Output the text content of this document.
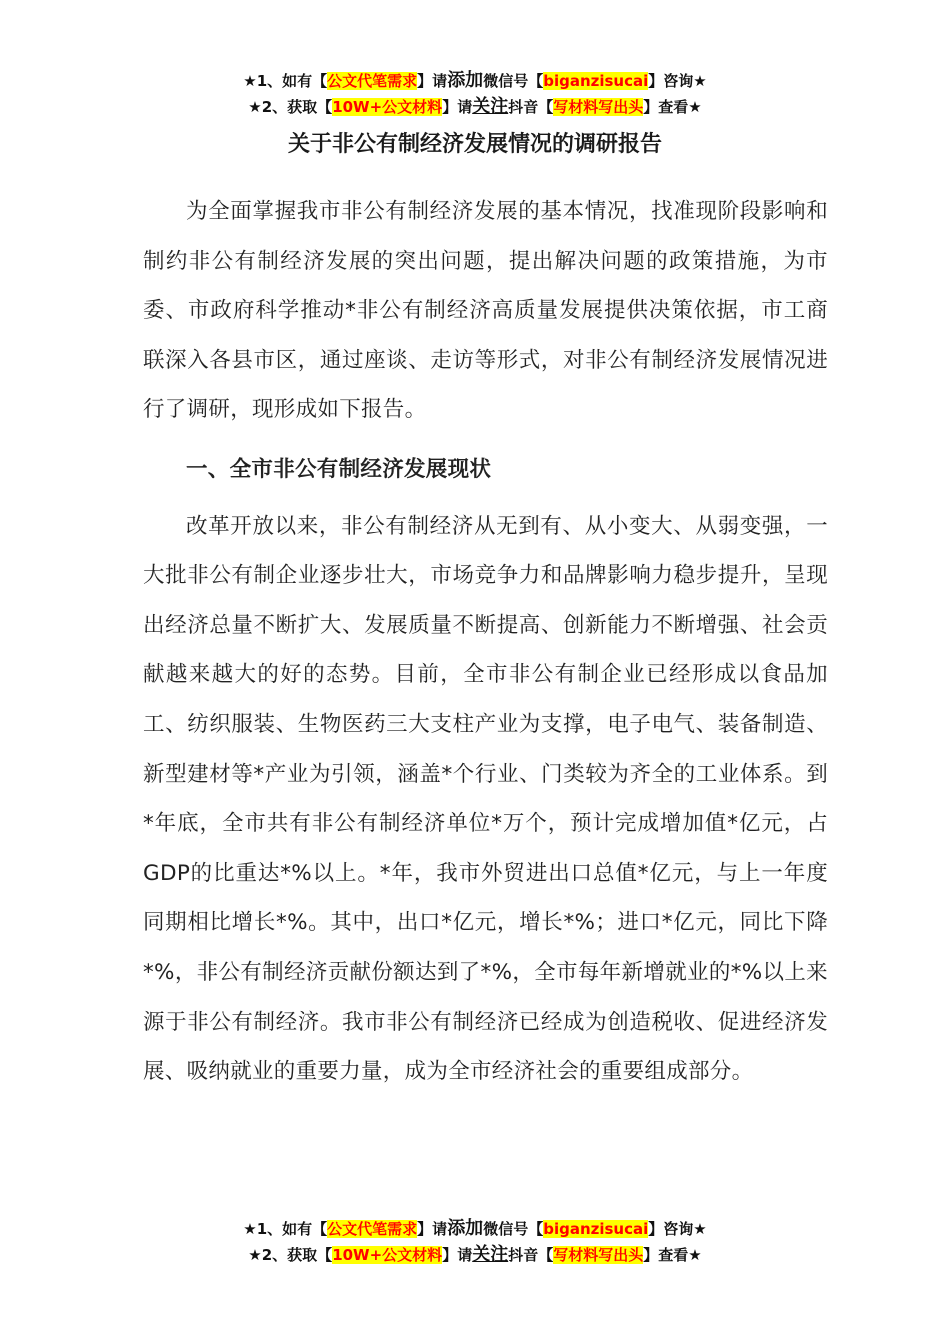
★1、如有【公文代笔需求】请添加微信号【biganzisucai】咨询★
★2、获取【10W+公文材料】请关注抖音【写材料写出头】查看★
关于非公有制经济发展情况的调研报告

为全面掌握我市非公有制经济发展的基本情况，找准现阶段影响和制约非公有制经济发展的突出问题，提出解决问题的政策措施，为市委、市政府科学推动*非公有制经济高质量发展提供决策依据，市工商联深入各县市区，通过座谈、走访等形式，对非公有制经济发展情况进行了调研，现形成如下报告。

一、全市非公有制经济发展现状

改革开放以来，非公有制经济从无到有、从小变大、从弱变强，一大批非公有制企业逐步壮大，市场竞争力和品牌影响力稳步提升，呈现出经济总量不断扩大、发展质量不断提高、创新能力不断增强、社会贡献越来越大的好的态势。目前，全市非公有制企业已经形成以食品加工、纺织服装、生物医药三大支柱产业为支撑，电子电气、装备制造、新型建材等*产业为引领，涵盖*个行业、门类较为齐全的工业体系。到*年底，全市共有非公有制经济单位*万个，预计完成增加值*亿元，占GDP的比重达*%以上。*年，我市外贸进出口总值*亿元，与上一年度同期相比增长*%。其中，出口*亿元，增长*%；进口*亿元，同比下降*%，非公有制经济贡献份额达到了*%，全市每年新增就业的*%以上来源于非公有制经济。我市非公有制经济已经成为创造税收、促进经济发展、吸纳就业的重要力量，成为全市经济社会的重要组成部分。

★1、如有【公文代笔需求】请添加微信号【biganzisucai】咨询★
★2、获取【10W+公文材料】请关注抖音【写材料写出头】查看★
